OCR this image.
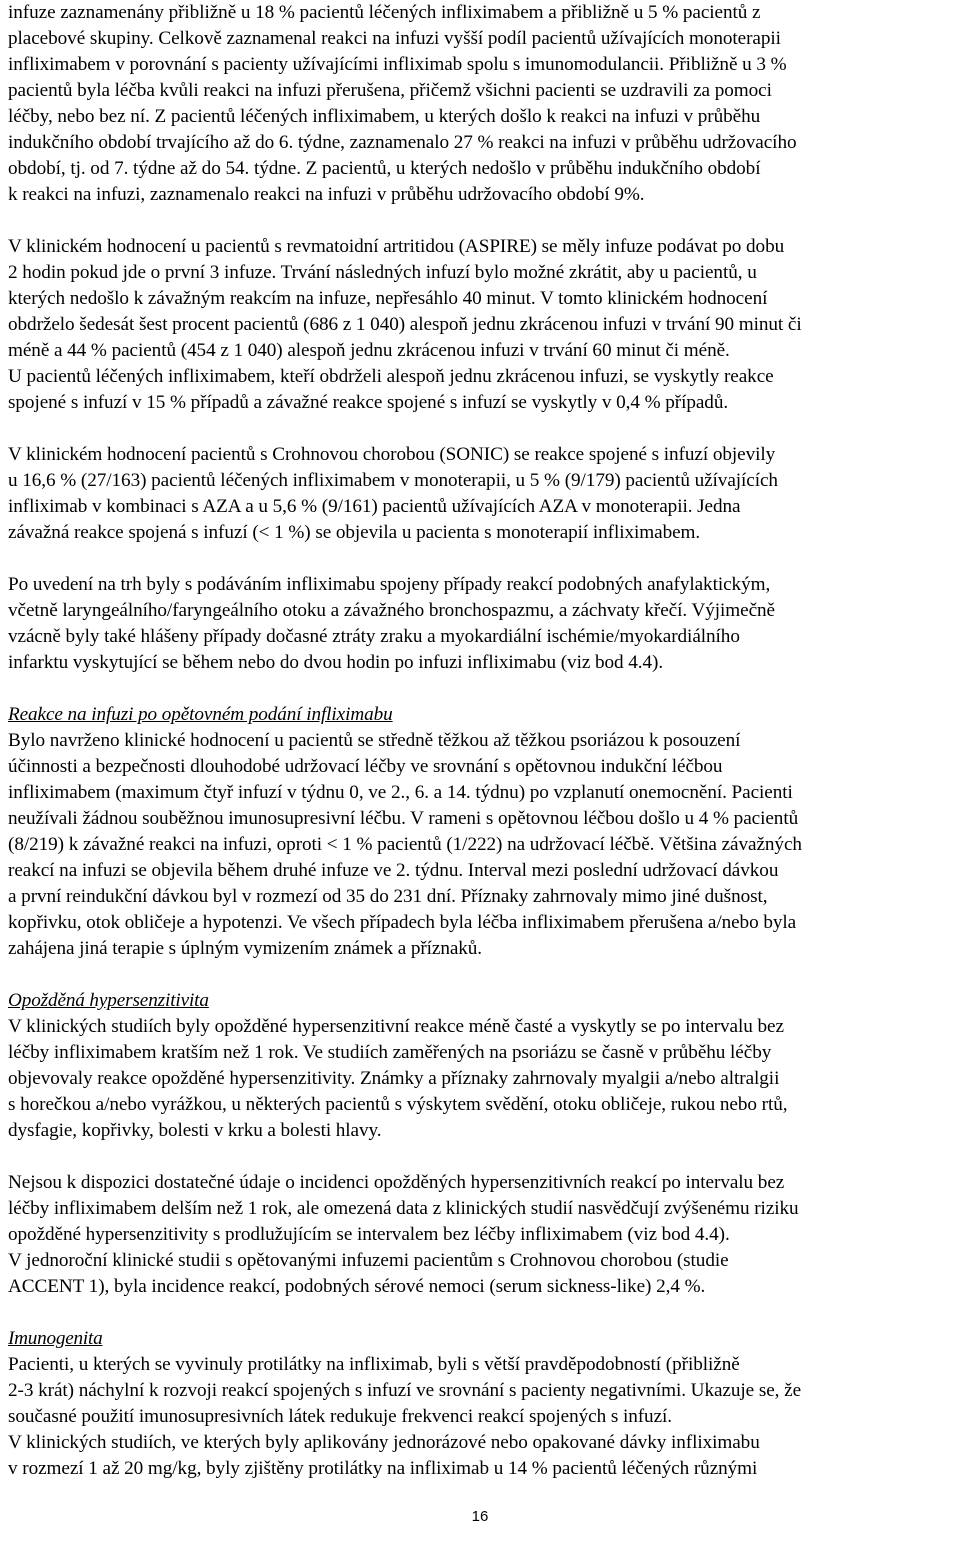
infuze zaznamenány přibližně u 18 % pacientů léčených infliximabem a přibližně u 5 % pacientů z
placebové skupiny. Celkově zaznamenal reakci na infuzi vyšší podíl pacientů užívajících monoterapii
infliximabem v porovnání s pacienty užívajícími infliximab spolu s imunomodulancii. Přibližně u 3 %
pacientů byla léčba kvůli reakci na infuzi přerušena, přičemž všichni pacienti se uzdravili za pomoci
léčby, nebo bez ní. Z pacientů léčených infliximabem, u kterých došlo k reakci na infuzi v průběhu
indukčního období trvajícího až do 6. týdne, zaznamenalo 27 % reakci na infuzi v průběhu udržovacího
období, tj. od 7. týdne až do 54. týdne. Z pacientů, u kterých nedošlo v průběhu indukčního období
k reakci na infuzi, zaznamenalo reakci na infuzi v průběhu udržovacího období 9%.
V klinickém hodnocení u pacientů s revmatoidní artritidou (ASPIRE) se měly infuze podávat po dobu
2 hodin pokud jde o první 3 infuze. Trvání následných infuzí bylo možné zkrátit, aby u pacientů, u
kterých nedošlo k závažným reakcím na infuze, nepřesáhlo 40 minut. V tomto klinickém hodnocení
obdrželo šedesát šest procent pacientů (686 z 1 040) alespoň jednu zkrácenou infuzi v trvání 90 minut či
méně a 44 % pacientů (454 z 1 040) alespoň jednu zkrácenou infuzi v trvání 60 minut či méně.
U pacientů léčených infliximabem, kteří obdrželi alespoň jednu zkrácenou infuzi, se vyskytly reakce
spojené s infuzí v 15 % případů a závažné reakce spojené s infuzí se vyskytly v 0,4 % případů.
V klinickém hodnocení pacientů s Crohnovou chorobou (SONIC) se reakce spojené s infuzí objevily
u 16,6 % (27/163) pacientů léčených infliximabem v monoterapii, u 5 % (9/179) pacientů užívajících
infliximab v kombinaci s AZA a u 5,6 % (9/161) pacientů užívajících AZA v monoterapii. Jedna
závažná reakce spojená s infuzí (< 1 %) se objevila u pacienta s monoterapií infliximabem.
Po uvedení na trh byly s podáváním infliximabu spojeny případy reakcí podobných anafylaktickým,
včetně laryngeálního/faryngeálního otoku a závažného bronchospazmu, a záchvaty křečí. Výjimečně
vzácně byly také hlášeny případy dočasné ztráty zraku a myokardiální ischémie/myokardiálního
infarktu vyskytující se během nebo do dvou hodin po infuzi infliximabu (viz bod 4.4).
Reakce na infuzi po opětovném podání infliximabu
Bylo navrženo klinické hodnocení u pacientů se středně těžkou až těžkou psoriázou k posouzení
účinnosti a bezpečnosti dlouhodobé udržovací léčby ve srovnání s opětovnou indukční léčbou
infliximabem (maximum čtyř infuzí v týdnu 0, ve 2., 6. a 14. týdnu) po vzplanutí onemocnění. Pacienti
neužívali žádnou souběžnou imunosupresivní léčbu. V rameni s opětovnou léčbou došlo u 4 % pacientů
(8/219) k závažné reakci na infuzi, oproti < 1 % pacientů (1/222) na udržovací léčbě. Většina závažných
reakcí na infuzi se objevila během druhé infuze ve 2. týdnu. Interval mezi poslední udržovací dávkou
a první reindukční dávkou byl v rozmezí od 35 do 231 dní. Příznaky zahrnovaly mimo jiné dušnost,
kopřivku, otok obličeje a hypotenzi. Ve všech případech byla léčba infliximabem přerušena a/nebo byla
zahájena jiná terapie s úplným vymizením známek a příznaků.
Opožděná hypersenzitivita
V klinických studiích byly opožděné hypersenzitivní reakce méně časté a vyskytly se po intervalu bez
léčby infliximabem kratším než 1 rok. Ve studiích zaměřených na psoriázu se časně v průběhu léčby
objevovaly reakce opožděné hypersenzitivity. Známky a příznaky zahrnovaly myalgii a/nebo altralgii
s horečkou a/nebo vyrážkou, u některých pacientů s výskytem svědění, otoku obličeje, rukou nebo rtů,
dysfagie, kopřivky, bolesti v krku a bolesti hlavy.
Nejsou k dispozici dostatečné údaje o incidenci opožděných hypersenzitivních reakcí po intervalu bez
léčby infliximabem delším než 1 rok, ale omezená data z klinických studií nasvědčují zvýšenému riziku
opožděné hypersenzitivity s prodlužujícím se intervalem bez léčby infliximabem (viz bod 4.4).
V jednoroční klinické studii s opětovanými infuzemi pacientům s Crohnovou chorobou (studie
ACCENT 1), byla incidence reakcí, podobných sérové nemoci (serum sickness-like) 2,4 %.
Imunogenita
Pacienti, u kterých se vyvinuly protilátky na infliximab, byli s větší pravděpodobností (přibližně
2-3 krát) náchylní k rozvoji reakcí spojených s infuzí ve srovnání s pacienty negativními. Ukazuje se, že
současné použití imunosupresivních látek redukuje frekvenci reakcí spojených s infuzí.
V klinických studiích, ve kterých byly aplikovány jednorázové nebo opakované dávky infliximabu
v rozmezí 1 až 20 mg/kg, byly zjištěny protilátky na infliximab u 14 % pacientů léčených různými
16
